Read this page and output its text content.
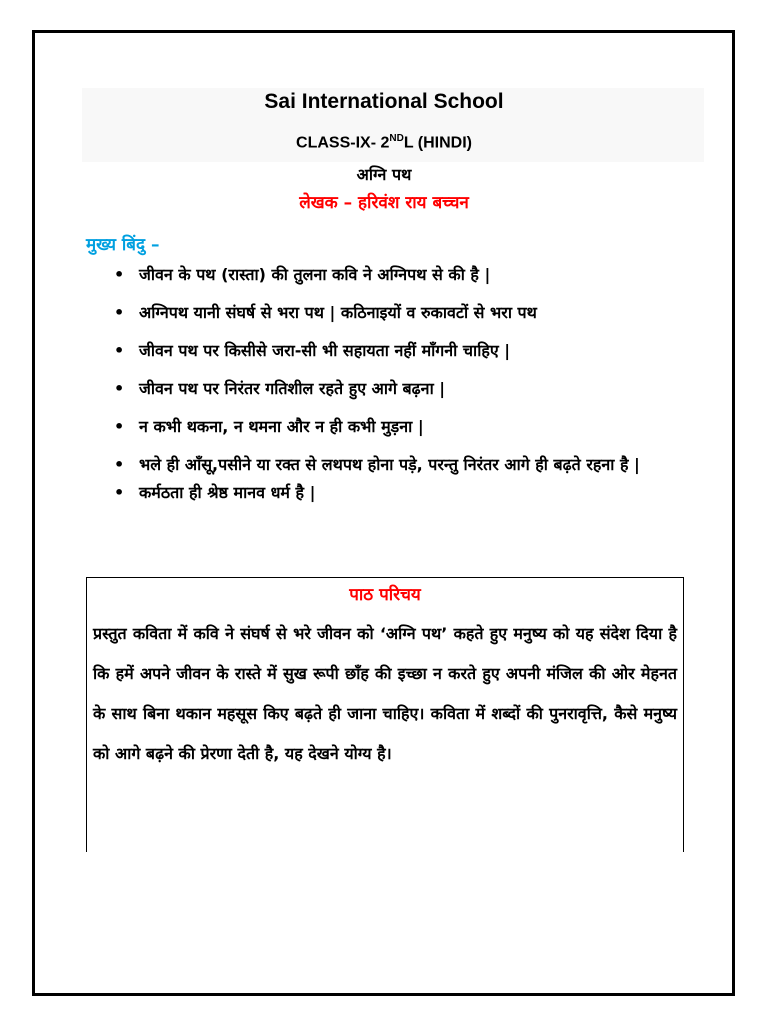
Sai International School
CLASS-IX- 2NDL (HINDI)
अग्नि पथ
लेखक – हरिवंश राय बच्चन
मुख्य बिंदु –
• जीवन के पथ (रास्ता) की तुलना कवि ने अग्निपथ से की है |
• अग्निपथ यानी संघर्ष से भरा पथ | कठिनाइयों व रुकावटों से भरा पथ
• जीवन पथ पर किसीसे जरा-सी भी सहायता नहीं माँगनी चाहिए |
• जीवन पथ पर निरंतर गतिशील रहते हुए आगे बढ़ना |
• न कभी थकना, न थमना और न ही कभी मुड़ना |
• भले ही आँसू,पसीने या रक्त से लथपथ होना पड़े, परन्तु निरंतर आगे ही बढ़ते रहना है |
• कर्मठता ही श्रेष्ठ मानव धर्म है |
पाठ परिचय

प्रस्तुत कविता में कवि ने संघर्ष से भरे जीवन को ‘अग्नि पथ’ कहते हुए मनुष्य को यह संदेश दिया है कि हमें अपने जीवन के रास्ते में सुख रूपी छाँह की इच्छा न करते हुए अपनी मंजिल की ओर मेहनत के साथ बिना थकान महसूस किए बढ़ते ही जाना चाहिए। कविता में शब्दों की पुनरावृत्ति, कैसे मनुष्य को आगे बढ़ने की प्रेरणा देती है, यह देखने योग्य है।
